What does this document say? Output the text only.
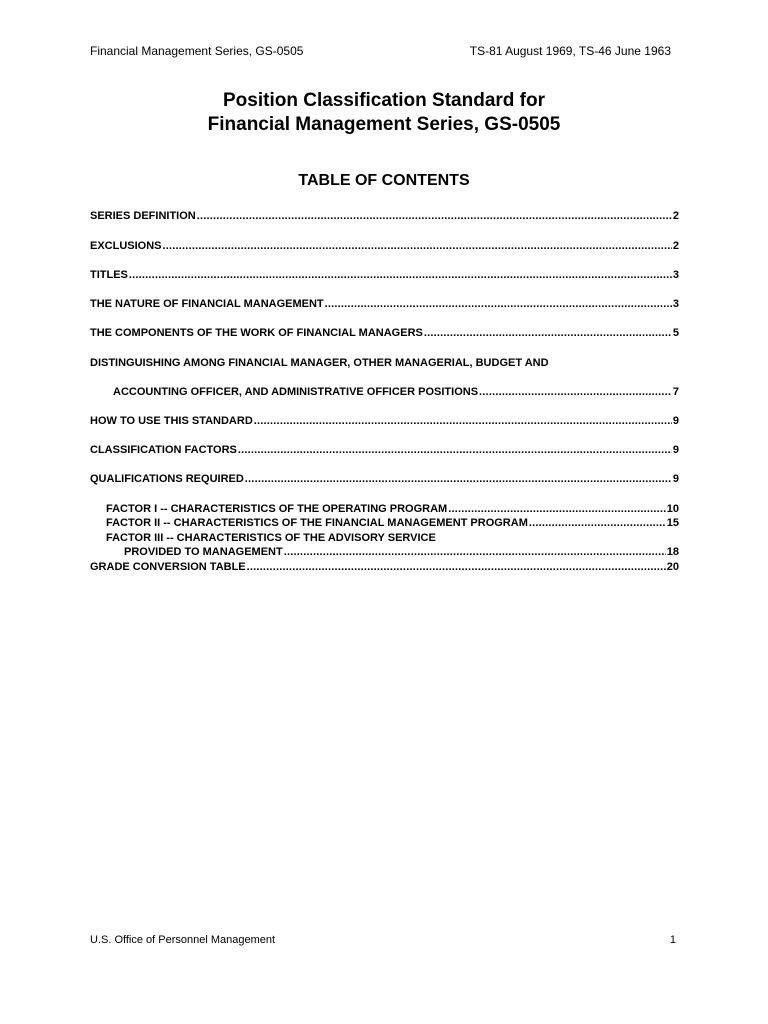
Financial Management Series, GS-0505	TS-81 August 1969, TS-46 June 1963
Position Classification Standard for
Financial Management Series, GS-0505
TABLE OF CONTENTS
SERIES DEFINITION .....	2
EXCLUSIONS .....	2
TITLES .....	3
THE NATURE OF FINANCIAL MANAGEMENT .....	3
THE COMPONENTS OF THE WORK OF FINANCIAL MANAGERS .....	5
DISTINGUISHING AMONG FINANCIAL MANAGER, OTHER MANAGERIAL, BUDGET AND
ACCOUNTING OFFICER, AND ADMINISTRATIVE OFFICER POSITIONS .....	7
HOW TO USE THIS STANDARD .....	9
CLASSIFICATION FACTORS .....	9
QUALIFICATIONS REQUIRED .....	9
FACTOR I -- CHARACTERISTICS OF THE OPERATING PROGRAM .....	10
FACTOR II -- CHARACTERISTICS OF THE FINANCIAL MANAGEMENT PROGRAM .....	15
FACTOR III -- CHARACTERISTICS OF THE ADVISORY SERVICE
PROVIDED TO MANAGEMENT .....	18
GRADE CONVERSION TABLE .....	20
U.S. Office of Personnel Management	1
